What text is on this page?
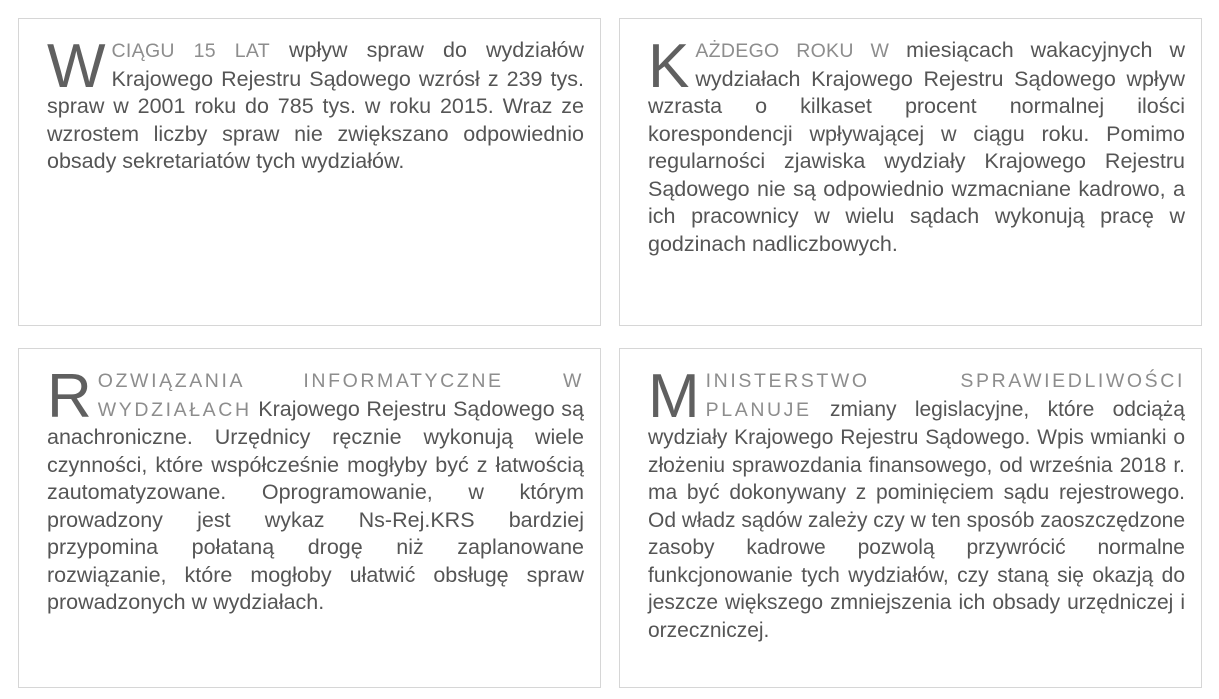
WCIĄGU 15 LAT wpływ spraw do wydziałów Krajowego Rejestru Sądowego wzrósł z 239 tys. spraw w 2001 roku do 785 tys. w roku 2015. Wraz ze wzrostem liczby spraw nie zwiększano odpowiednio obsady sekretariatów tych wydziałów.

KAŻDEGO ROKU W miesiącach wakacyjnych w wydziałach Krajowego Rejestru Sądowego wpływ wzrasta o kilkaset procent normalnej ilości korespondencji wpływającej w ciągu roku. Pomimo regularności zjawiska wydziały Krajowego Rejestru Sądowego nie są odpowiednio wzmacniane kadrowo, a ich pracownicy w wielu sądach wykonują pracę w godzinach nadliczbowych.

ROZWIĄZANIA INFORMATYCZNE W WYDZIAŁACH Krajowego Rejestru Sądowego są anachroniczne. Urzędnicy ręcznie wykonują wiele czynności, które współcześnie mogłyby być z łatwością zautomatyzowane. Oprogramowanie, w którym prowadzony jest wykaz Ns-Rej.KRS bardziej przypomina połataną drogę niż zaplanowane rozwiązanie, które mogłoby ułatwić obsługę spraw prowadzonych w wydziałach.

MINISTERSTWO SPRAWIEDLIWOŚCI PLANUJE zmiany legislacyjne, które odciążą wydziały Krajowego Rejestru Sądowego. Wpis wmianki o złożeniu sprawozdania finansowego, od września 2018 r. ma być dokonywany z pominięciem sądu rejestrowego. Od władz sądów zależy czy w ten sposób zaoszczędzone zasoby kadrowe pozwolą przywrócić normalne funkcjonowanie tych wydziałów, czy staną się okazją do jeszcze większego zmniejszenia ich obsady urzędniczej i orzeczniczej.
